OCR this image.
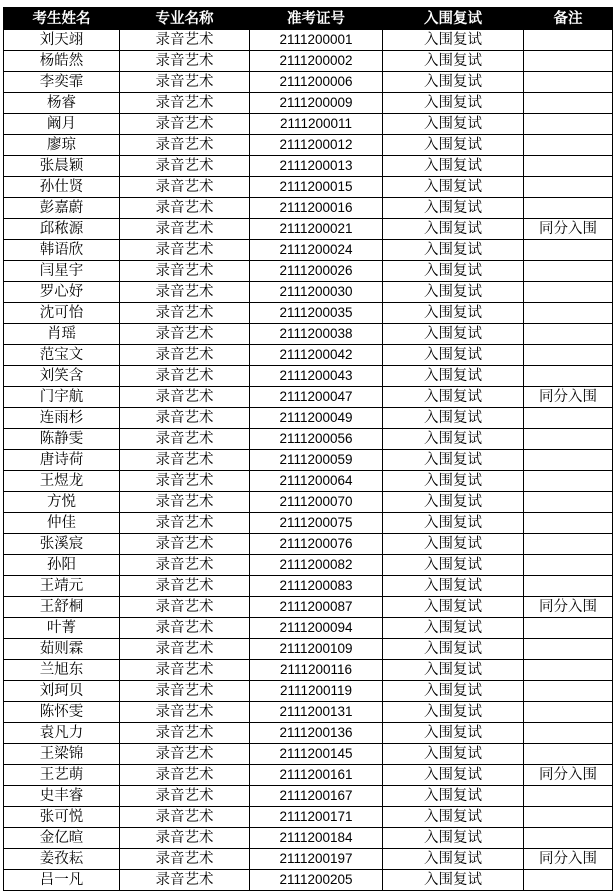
考生姓名	专业名称	准考证号	入围复试	备注
刘天翊	录音艺术	2111200001	入围复试	
杨皓然	录音艺术	2111200002	入围复试	
李奕霏	录音艺术	2111200006	入围复试	
杨睿	录音艺术	2111200009	入围复试	
阚月	录音艺术	2111200011	入围复试	
廖琼	录音艺术	2111200012	入围复试	
张晨颖	录音艺术	2111200013	入围复试	
孙仕贤	录音艺术	2111200015	入围复试	
彭嘉蔚	录音艺术	2111200016	入围复试	
邱秾源	录音艺术	2111200021	入围复试	同分入围
韩语欣	录音艺术	2111200024	入围复试	
闫星宇	录音艺术	2111200026	入围复试	
罗心妤	录音艺术	2111200030	入围复试	
沈可怡	录音艺术	2111200035	入围复试	
肖瑶	录音艺术	2111200038	入围复试	
范宝文	录音艺术	2111200042	入围复试	
刘笑含	录音艺术	2111200043	入围复试	
门宇航	录音艺术	2111200047	入围复试	同分入围
连雨杉	录音艺术	2111200049	入围复试	
陈静雯	录音艺术	2111200056	入围复试	
唐诗荷	录音艺术	2111200059	入围复试	
王煜龙	录音艺术	2111200064	入围复试	
方悦	录音艺术	2111200070	入围复试	
仲佳	录音艺术	2111200075	入围复试	
张溪宸	录音艺术	2111200076	入围复试	
孙阳	录音艺术	2111200082	入围复试	
王靖元	录音艺术	2111200083	入围复试	
王舒桐	录音艺术	2111200087	入围复试	同分入围
叶菁	录音艺术	2111200094	入围复试	
茹则霖	录音艺术	2111200109	入围复试	
兰旭东	录音艺术	2111200116	入围复试	
刘珂贝	录音艺术	2111200119	入围复试	
陈怀雯	录音艺术	2111200131	入围复试	
袁凡力	录音艺术	2111200136	入围复试	
王梁锦	录音艺术	2111200145	入围复试	
王艺萌	录音艺术	2111200161	入围复试	同分入围
史丰睿	录音艺术	2111200167	入围复试	
张可悦	录音艺术	2111200171	入围复试	
金亿暄	录音艺术	2111200184	入围复试	
姜孜耘	录音艺术	2111200197	入围复试	同分入围
吕一凡	录音艺术	2111200205	入围复试	
